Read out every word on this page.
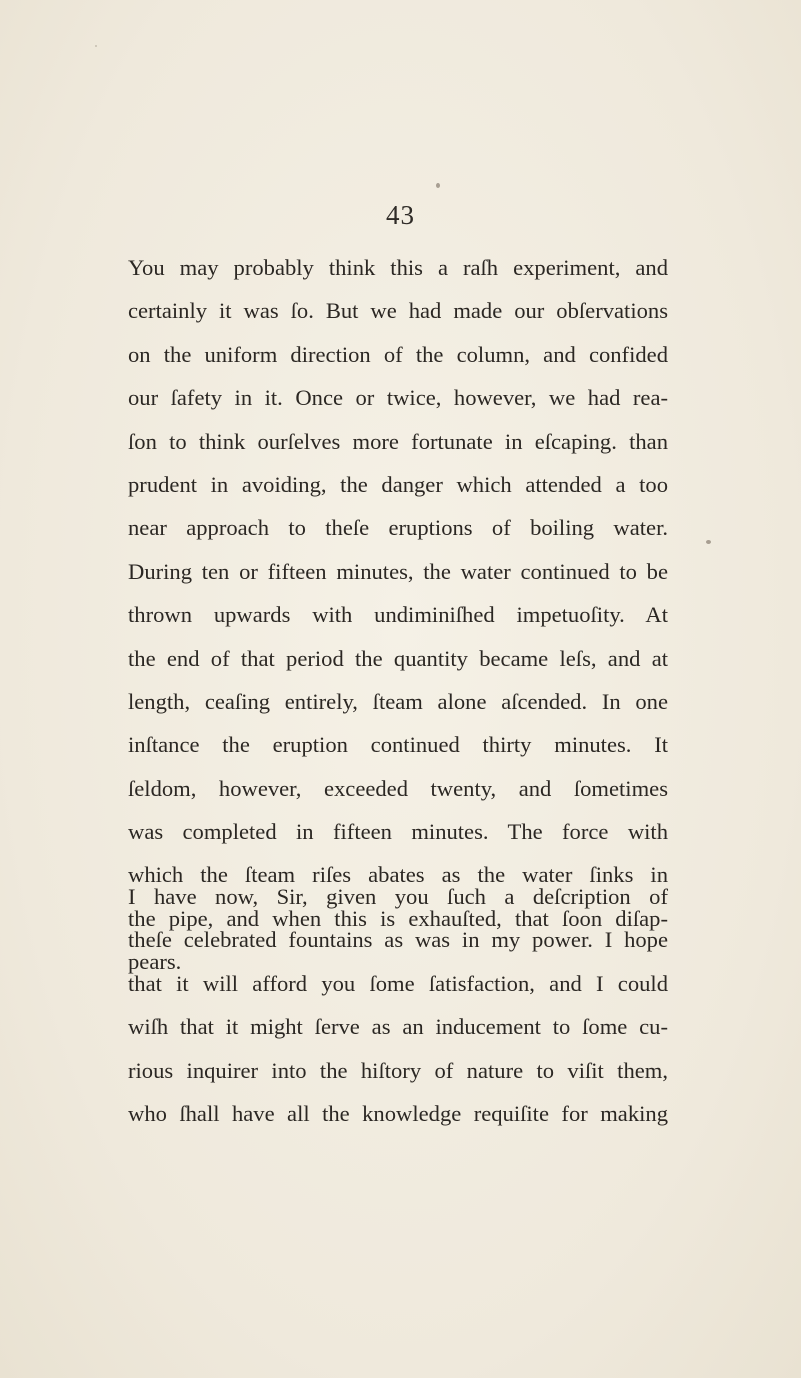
43
You may probably think this a raſh experiment, and
certainly it was ſo. But we had made our obſervations
on the uniform direction of the column, and confided
our ſafety in it. Once or twice, however, we had rea-
ſon to think ourſelves more fortunate in eſcaping. than
prudent in avoiding, the danger which attended a too
near approach to theſe eruptions of boiling water.
During ten or fifteen minutes, the water continued to be
thrown upwards with undiminiſhed impetuoſity. At
the end of that period the quantity became leſs, and at
length, ceaſing entirely, ſteam alone aſcended. In one
inſtance the eruption continued thirty minutes. It
ſeldom, however, exceeded twenty, and ſometimes
was completed in fifteen minutes. The force with
which the ſteam riſes abates as the water ſinks in
the pipe, and when this is exhauſted, that ſoon diſap-
pears.
I have now, Sir, given you ſuch a deſcription of
theſe celebrated fountains as was in my power. I hope
that it will afford you ſome ſatisfaction, and I could
wiſh that it might ſerve as an inducement to ſome cu-
rious inquirer into the hiſtory of nature to viſit them,
who ſhall have all the knowledge requiſite for making
